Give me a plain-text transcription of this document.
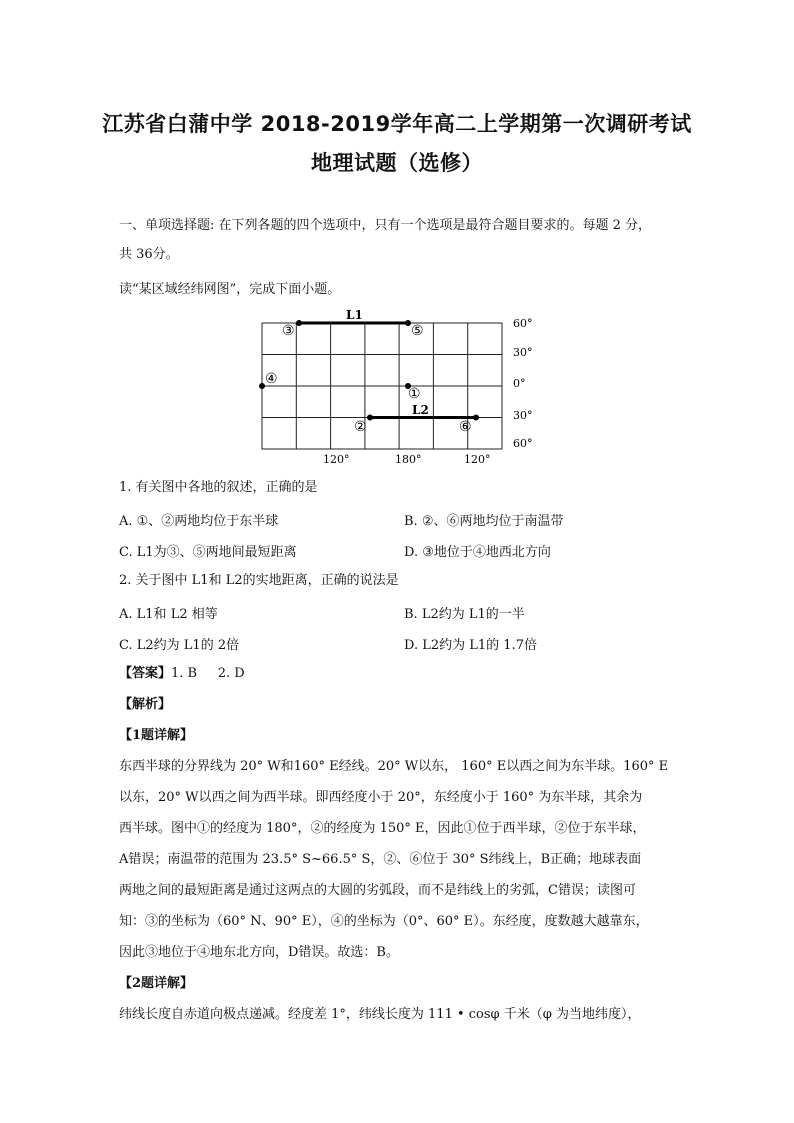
江苏省白蒲中学 2018-2019学年高二上学期第一次调研考试
地理试题（选修）
一、单项选择题: 在下列各题的四个选项中，只有一个选项是最符合题目要求的。每题 2 分，
共 36分。
读“某区域经纬网图”，完成下面小题。
L1
L2
③	⑤
④
①
②	⑥
60°
30°
0°
30°
60°
120°	180°	120°
1. 有关图中各地的叙述，正确的是
A. ①、②两地均位于东半球	B. ②、⑥两地均位于南温带
C. L1为③、⑤两地间最短距离	D. ③地位于④地西北方向
2. 关于图中 L1和 L2的实地距离，正确的说法是
A. L1和 L2 相等	B. L2约为 L1的一半
C. L2约为 L1的 2倍	D. L2约为 L1的 1.7倍
【答案】1. B     2. D
【解析】
【1题详解】
东西半球的分界线为 20° W和160° E经线。20° W以东， 160° E以西之间为东半球。160° E
以东，20° W以西之间为西半球。即西经度小于 20°，东经度小于 160° 为东半球，其余为
西半球。图中①的经度为 180°，②的经度为 150° E，因此①位于西半球，②位于东半球，
A错误；南温带的范围为 23.5° S~66.5° S，②、⑥位于 30° S纬线上，B正确；地球表面
两地之间的最短距离是通过这两点的大圆的劣弧段，而不是纬线上的劣弧，C错误；读图可
知：③的坐标为（60° N、90° E），④的坐标为（0°、60° E）。东经度，度数越大越靠东，
因此③地位于④地东北方向，D错误。故选：B。
【2题详解】
纬线长度自赤道向极点递减。经度差 1°，纬线长度为 111 • cosφ 千米（φ 为当地纬度），
